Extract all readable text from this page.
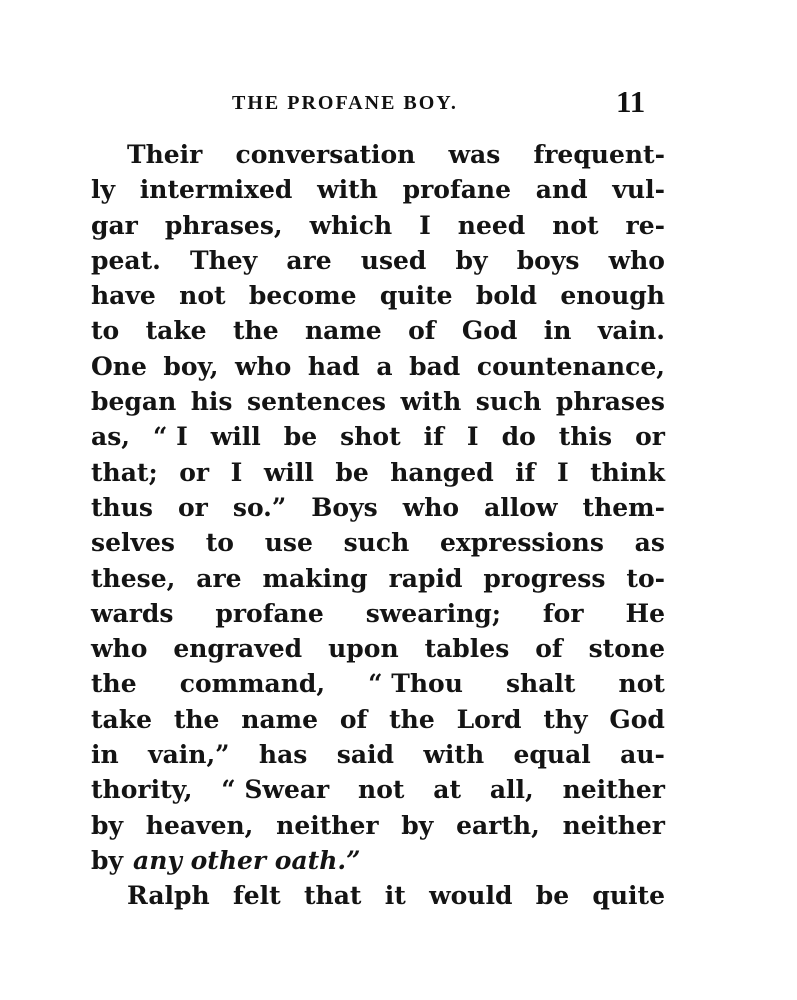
THE PROFANE BOY.	11
Their conversation was frequent-
ly intermixed with profane and vul-
gar phrases, which I need not re-
peat. They are used by boys who
have not become quite bold enough
to take the name of God in vain.
One boy, who had a bad countenance,
began his sentences with such phrases
as, “ I will be shot if I do this or
that; or I will be hanged if I think
thus or so.” Boys who allow them-
selves to use such expressions as
these, are making rapid progress to-
wards profane swearing; for He
who engraved upon tables of stone
the command, “ Thou shalt not
take the name of the Lord thy God
in vain,” has said with equal au-
thority, “ Swear not at all, neither
by heaven, neither by earth, neither
by any other oath.”
Ralph felt that it would be quite
